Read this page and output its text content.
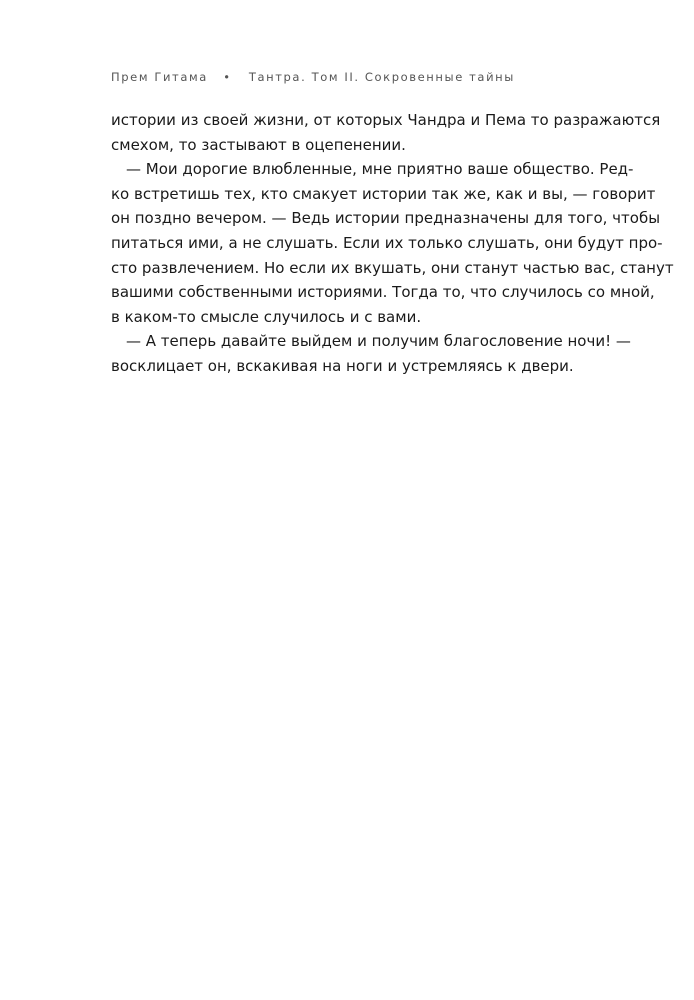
Прем Гитама • Тантра. Том II. Сокровенные тайны
истории из своей жизни, от которых Чандра и Пема то разражаются
смехом, то застывают в оцепенении.
— Мои дорогие влюбленные, мне приятно ваше общество. Ред-
ко встретишь тех, кто смакует истории так же, как и вы, — говорит
он поздно вечером. — Ведь истории предназначены для того, чтобы
питаться ими, а не слушать. Если их только слушать, они будут про-
сто развлечением. Но если их вкушать, они станут частью вас, станут
вашими собственными историями. Тогда то, что случилось со мной,
в каком-то смысле случилось и с вами.
— А теперь давайте выйдем и получим благословение ночи! —
восклицает он, вскакивая на ноги и устремляясь к двери.
